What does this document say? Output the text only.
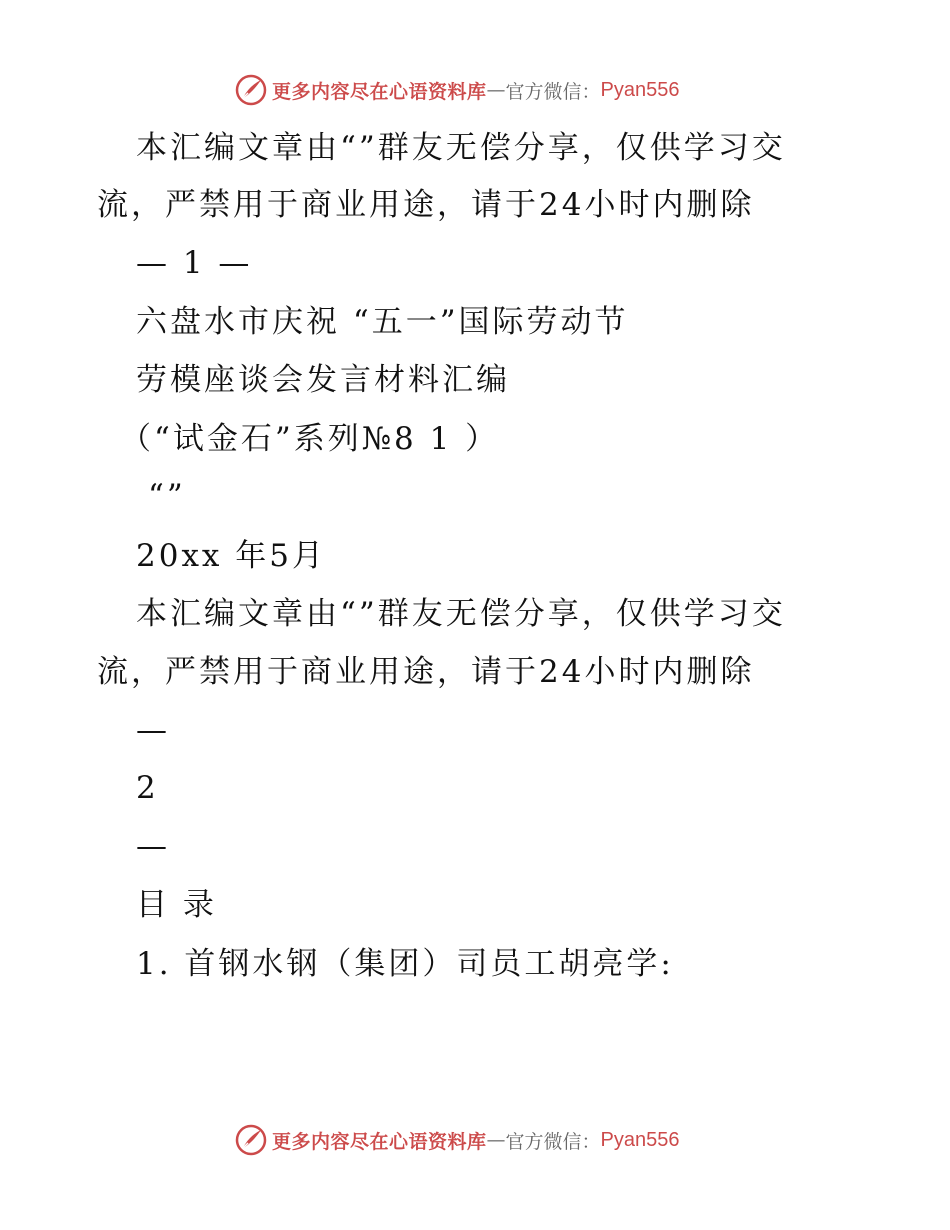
更多内容尽在心语资料库 — 官方微信： Pyan556
本汇编文章由“”群友无偿分享，仅供学习交
流，严禁用于商业用途，请于24小时内删除
— 1 —
六盘水市庆祝 “五一”国际劳动节
劳模座谈会发言材料汇编
（“试金石”系列№8 1 ）
“”
20xx 年5月
本汇编文章由“”群友无偿分享，仅供学习交
流，严禁用于商业用途，请于24小时内删除
—
2
—
目 录
1. 首钢水钢（集团）司员工胡亮学:
更多内容尽在心语资料库 — 官方微信： Pyan556
